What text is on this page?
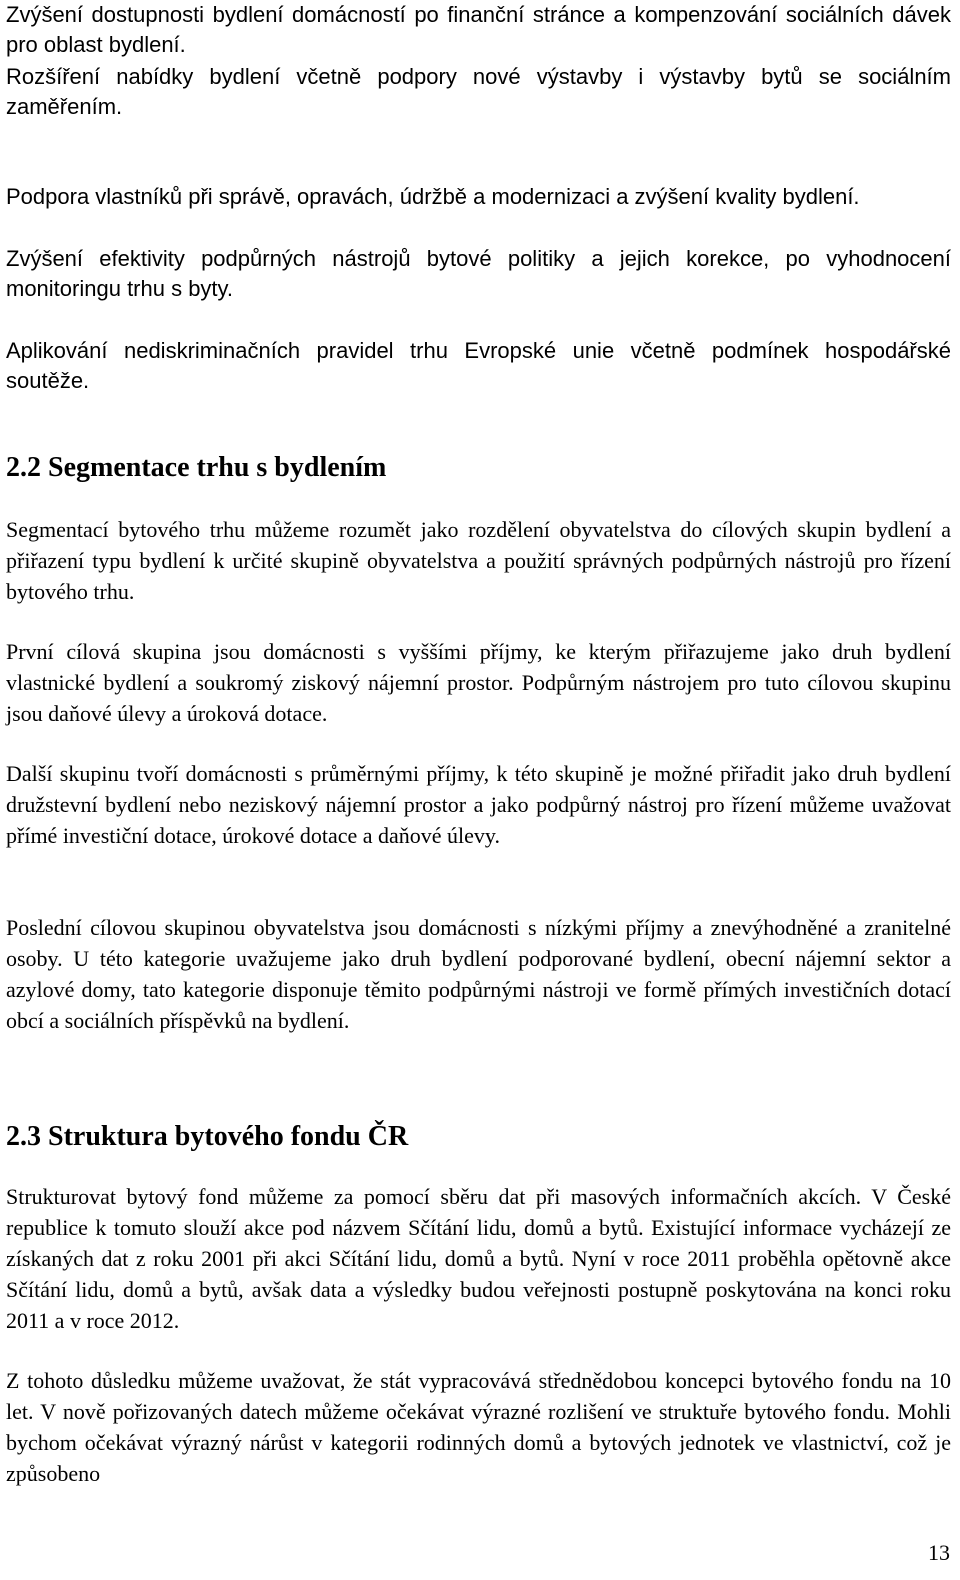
Zvýšení dostupnosti bydlení domácností po finanční stránce a kompenzování sociálních dávek pro oblast bydlení.

Rozšíření nabídky bydlení včetně podpory nové výstavby i výstavby bytů se sociálním zaměřením.

Podpora vlastníků při správě, opravách, údržbě a modernizaci a zvýšení kvality bydlení.

Zvýšení efektivity podpůrných nástrojů bytové politiky a jejich korekce, po vyhodnocení monitoringu trhu s byty.

Aplikování nediskriminačních pravidel trhu Evropské unie včetně podmínek hospodářské soutěže.

2.2 Segmentace trhu s bydlením

Segmentací bytového trhu můžeme rozumět jako rozdělení obyvatelstva do cílových skupin bydlení a přiřazení typu bydlení k určité skupině obyvatelstva a použití správných podpůrných nástrojů pro řízení bytového trhu.

První cílová skupina jsou domácnosti s vyššími příjmy, ke kterým přiřazujeme jako druh bydlení vlastnické bydlení a soukromý ziskový nájemní prostor. Podpůrným nástrojem pro tuto cílovou skupinu jsou daňové úlevy a úroková dotace.

Další skupinu tvoří domácnosti s průměrnými příjmy, k této skupině je možné přiřadit jako druh bydlení družstevní bydlení nebo neziskový nájemní prostor a jako podpůrný nástroj pro řízení můžeme uvažovat přímé investiční dotace, úrokové dotace a daňové úlevy.

Poslední cílovou skupinou obyvatelstva jsou domácnosti s nízkými příjmy a znevýhodněné a zranitelné osoby. U této kategorie uvažujeme jako druh bydlení podporované bydlení, obecní nájemní sektor a azylové domy, tato kategorie disponuje těmito podpůrnými nástroji ve formě přímých investičních dotací obcí a sociálních příspěvků na bydlení.

2.3 Struktura bytového fondu ČR

Strukturovat bytový fond můžeme za pomocí sběru dat při masových informačních akcích. V České republice k tomuto slouží akce pod názvem Sčítání lidu, domů a bytů. Existující informace vycházejí ze získaných dat z roku 2001 při akci Sčítání lidu, domů a bytů. Nyní v roce 2011 proběhla opětovně akce Sčítání lidu, domů a bytů, avšak data a výsledky budou veřejnosti postupně poskytována na konci roku 2011 a v roce 2012.

Z tohoto důsledku můžeme uvažovat, že stát vypracovává střednědobou koncepci bytového fondu na 10 let. V nově pořizovaných datech můžeme očekávat výrazné rozlišení ve struktuře bytového fondu. Mohli bychom očekávat výrazný nárůst v kategorii rodinných domů a bytových jednotek ve vlastnictví, což je způsobeno

13
